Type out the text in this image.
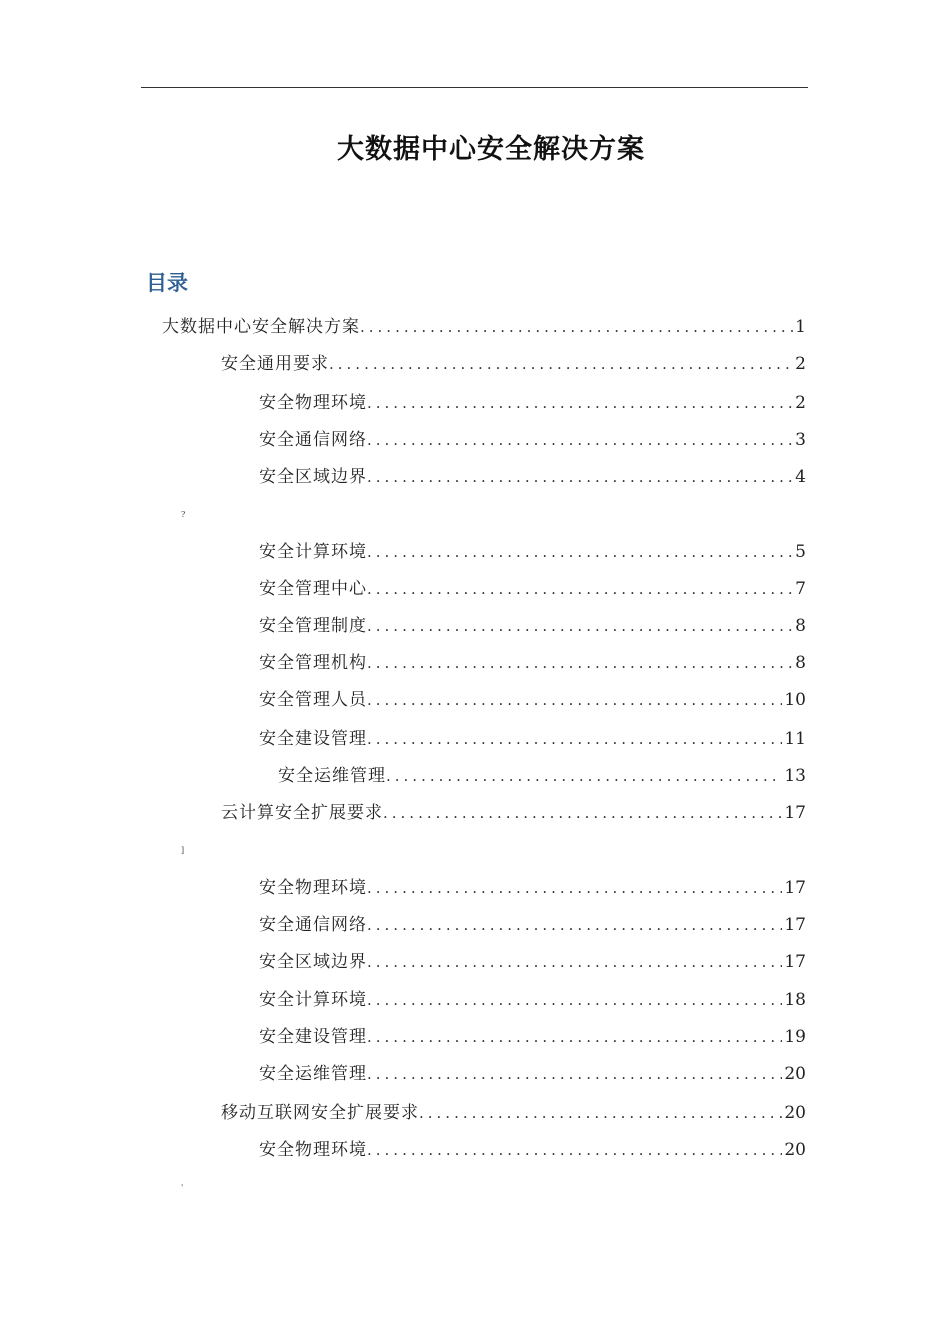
大数据中心安全解决方案
目录
大数据中心安全解决方案 .....	1
安全通用要求 .....	2
安全物理环境 .....	2
安全通信网络 .....	3
安全区域边界 .....	4
?
安全计算环境 .....	5
安全管理中心 .....	7
安全管理制度 .....	8
安全管理机构 .....	8
安全管理人员 .....	10
安全建设管理 .....	11
安全运维管理 .....	13
云计算安全扩展要求 .....	17
]
安全物理环境 .....	17
安全通信网络 .....	17
安全区域边界 .....	17
安全计算环境 .....	18
安全建设管理 .....	19
安全运维管理 .....	20
移动互联网安全扩展要求 .....	20
安全物理环境 .....	20
'
